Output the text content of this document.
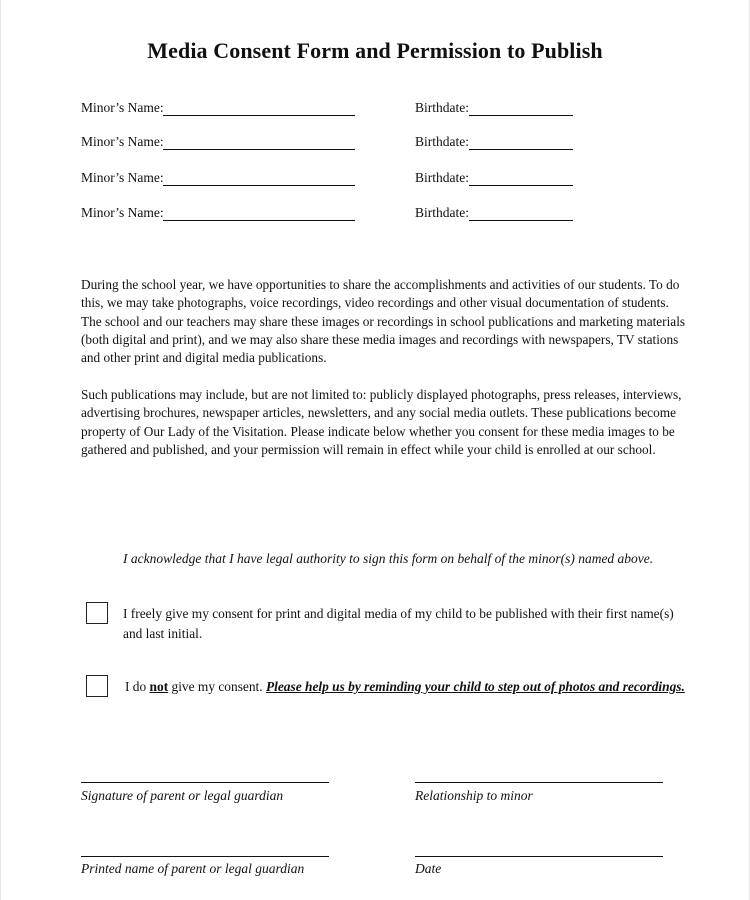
Media Consent Form and Permission to Publish
Minor’s Name:	Birthdate:
Minor’s Name:	Birthdate:
Minor’s Name:	Birthdate:
Minor’s Name:	Birthdate:
During the school year, we have opportunities to share the accomplishments and activities of our students. To do
this, we may take photographs, voice recordings, video recordings and other visual documentation of students.
The school and our teachers may share these images or recordings in school publications and marketing materials
(both digital and print), and we may also share these media images and recordings with newspapers, TV stations
and other print and digital media publications.
Such publications may include, but are not limited to: publicly displayed photographs, press releases, interviews,
advertising brochures, newspaper articles, newsletters, and any social media outlets. These publications become
property of Our Lady of the Visitation. Please indicate below whether you consent for these media images to be
gathered and published, and your permission will remain in effect while your child is enrolled at our school.
I acknowledge that I have legal authority to sign this form on behalf of the minor(s) named above.
I freely give my consent for print and digital media of my child to be published with their first name(s)
and last initial.
I do not give my consent. Please help us by reminding your child to step out of photos and recordings.
Signature of parent or legal guardian	Relationship to minor
Printed name of parent or legal guardian	Date
